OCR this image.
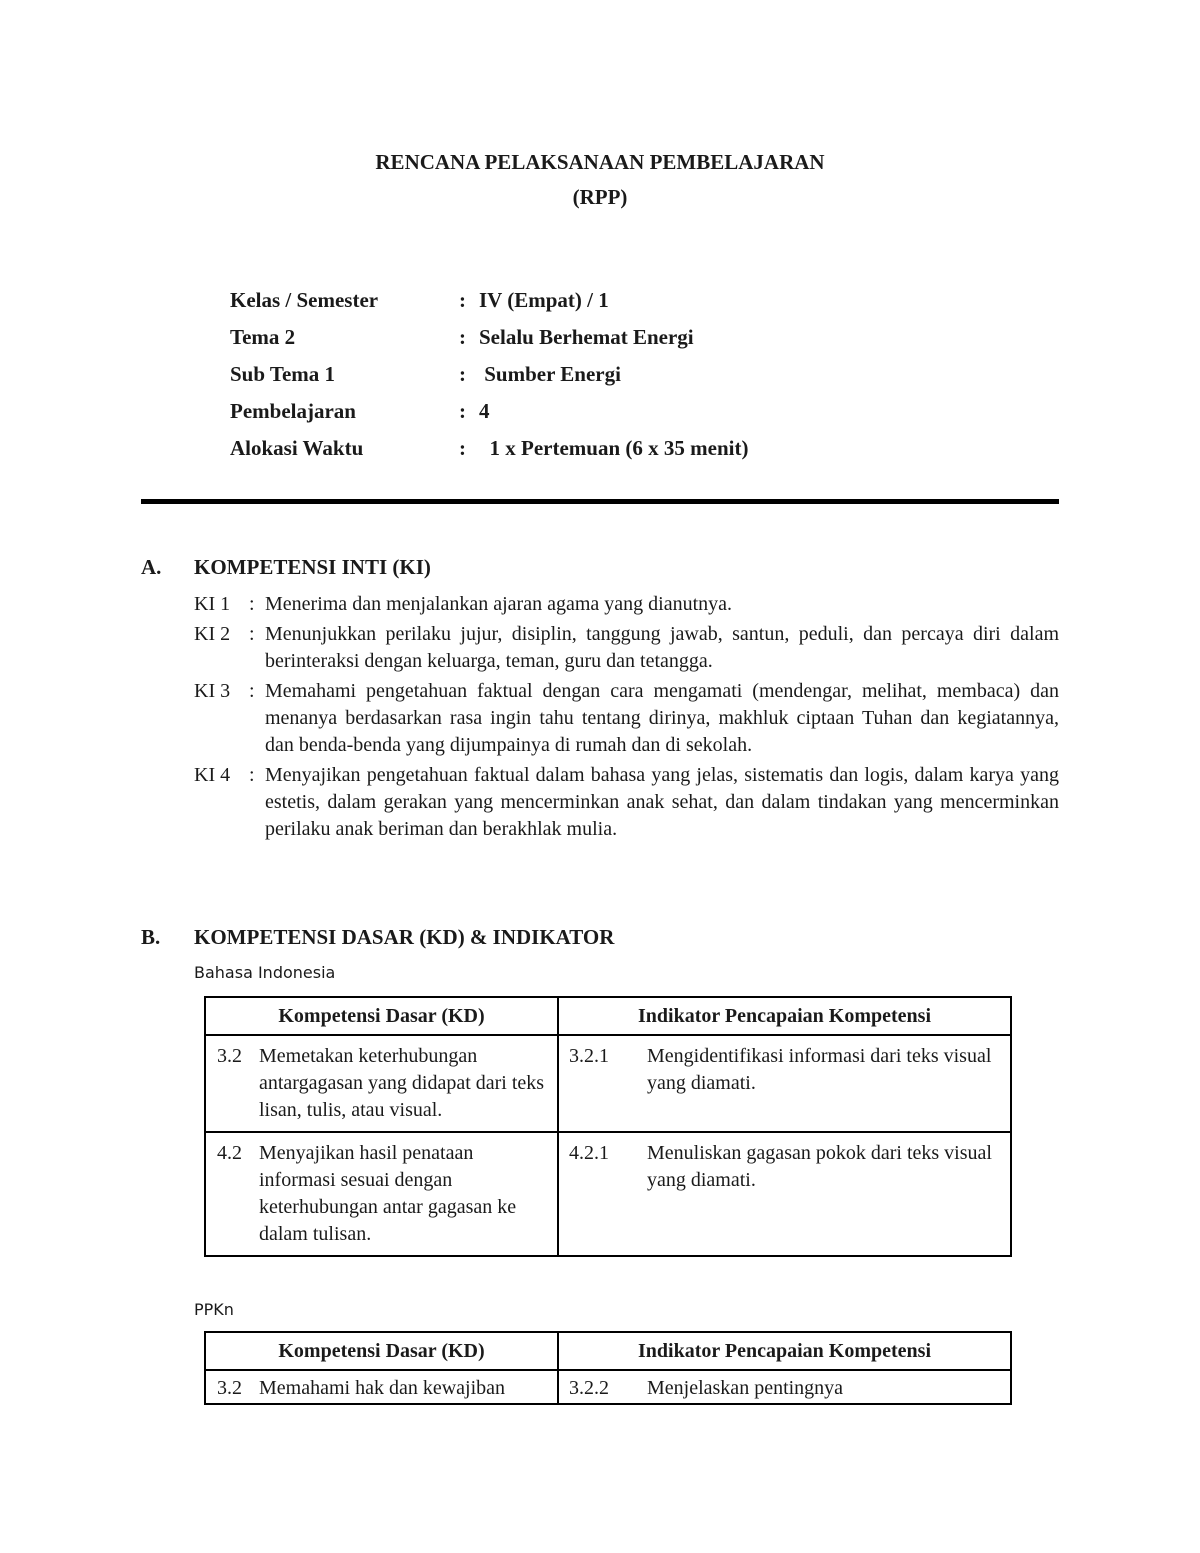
RENCANA PELAKSANAAN PEMBELAJARAN
(RPP)
Kelas / Semester	: IV (Empat) / 1
Tema 2	: Selalu Berhemat Energi
Sub Tema 1	: Sumber Energi
Pembelajaran	: 4
Alokasi Waktu	: 1 x Pertemuan (6 x 35 menit)
A. KOMPETENSI INTI (KI)
KI 1 : Menerima dan menjalankan ajaran agama yang dianutnya.
KI 2 : Menunjukkan perilaku jujur, disiplin, tanggung jawab, santun, peduli, dan percaya diri dalam berinteraksi dengan keluarga, teman, guru dan tetangga.
KI 3 : Memahami pengetahuan faktual dengan cara mengamati (mendengar, melihat, membaca) dan menanya berdasarkan rasa ingin tahu tentang dirinya, makhluk ciptaan Tuhan dan kegiatannya, dan benda-benda yang dijumpainya di rumah dan di sekolah.
KI 4 : Menyajikan pengetahuan faktual dalam bahasa yang jelas, sistematis dan logis, dalam karya yang estetis, dalam gerakan yang mencerminkan anak sehat, dan dalam tindakan yang mencerminkan perilaku anak beriman dan berakhlak mulia.
B. KOMPETENSI DASAR (KD) & INDIKATOR
Bahasa Indonesia
Kompetensi Dasar (KD)	Indikator Pencapaian Kompetensi

3.2 Memetakan keterhubungan antargagasan yang didapat dari teks lisan, tulis, atau visual.	3.2.1 Mengidentifikasi informasi dari teks visual yang diamati.

4.2 Menyajikan hasil penataan informasi sesuai dengan keterhubungan antar gagasan ke dalam tulisan.	4.2.1 Menuliskan gagasan pokok dari teks visual yang diamati.
PPKn
Kompetensi Dasar (KD)	Indikator Pencapaian Kompetensi

3.2 Memahami hak dan kewajiban	3.2.2 Menjelaskan pentingnya
